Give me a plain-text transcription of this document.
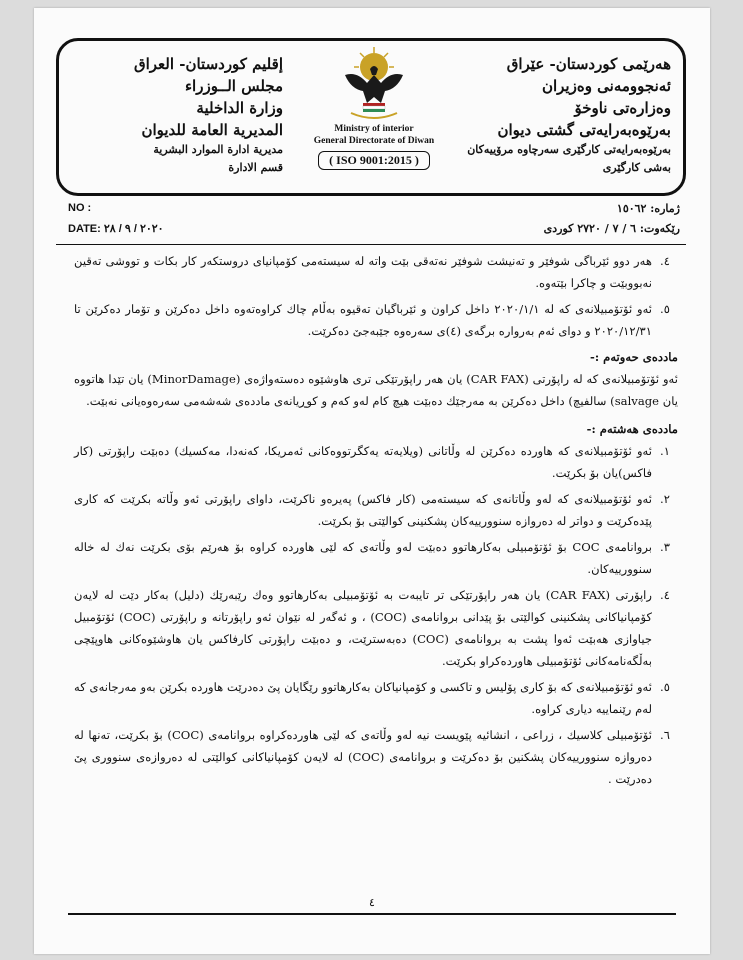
هەرێمی کوردستان- عێراق
ئەنجوومەنی وەزیران
وەزارەتی ناوخۆ
بەرێوەبەرایەتی گشتی دیوان
بەرێوەبەرایەتی کارگێری سەرچاوە مرۆییەکان
بەشی کارگێری
Ministry of interior
General Directorate of Diwan
( ISO 9001:2015 )
إقليم كوردستان- العراق
مجلس الــوزراء
وزارة الداخلية
المديرية العامة للديوان
مديرية ادارة الموارد البشرية
قسم الادارة
NO :
DATE: ٢٠٢٠ / ٩ / ٢٨
ژمارە: ١٥٠٦٢
رێکەوت: ٦ / ٧ / ٢٧٢٠ كوردی
٤.
هەر دوو ئێرباگی شوفێر و تەنیشت شوفێر نەتەقی بێت واتە لە سیستەمی کۆمپانیای دروستکەر کار بکات و تووشی تەقین نەبووبێت و چاکرا بێتەوە.
٥.
ئەو ئۆتۆمبیلانەی کە لە ٢٠٢٠/١/١ داخل کراون و ئێرباگیان تەقیوە بەڵام چاك کراوەتەوە داخل دەکرێن و تۆمار دەکرێن تا ٢٠٢٠/١٢/٣١ و دوای ئەم بەروارە برگەی (٤)ی سەرەوە جێبەجێ دەکرێت.
ماددەی حەوتەم :-
ئەو ئۆتۆمبیلانەی کە لە راپۆرتی (CAR FAX) یان هەر راپۆرتێکی تری هاوشێوە دەستەواژەی (MinorDamage) یان تێدا هاتووە یان salvage) سالفیچ) داخل دەکرێن بە مەرجێك دەبێت هیچ کام لەو کەم و کوڕیانەی ماددەی شەشەمی سەرەوەیانی نەبێت.
ماددەی هەشتەم :-
١.
ئەو ئۆتۆمبیلانەی کە هاوردە دەکرێن لە وڵاتانی (ویلایەتە یەکگرتووەکانی ئەمریکا، کەنەدا، مەکسیك) دەبێت راپۆرتی (کار فاکس)یان بۆ بکرێت.
٢.
ئەو ئۆتۆمبیلانەی کە لەو وڵاتانەی کە سیستەمی (کار فاکس) پەیرەو ناکرێت، داوای راپۆرتی ئەو وڵاتە بکرێت کە کاری پێدەکرێت و دواتر لە دەروازە سنوورییەکان پشکنینی کوالێتی بۆ بکرێت.
٣.
بروانامەی COC بۆ ئۆتۆمبیلی بەکارهاتوو دەبێت لەو وڵاتەی کە لێی هاوردە کراوە بۆ هەرێم بۆی بکرێت نەك لە خالە سنوورییەکان.
٤.
راپۆرتی (CAR FAX) یان هەر راپۆرتێکی تر تایبەت بە ئۆتۆمبیلی بەکارهاتوو وەك رێبەرێك (دلیل) بەکار دێت لە لایەن کۆمپانیاکانی پشکنینی کوالێتی بۆ پێدانی بروانامەی (COC) ، و ئەگەر لە نێوان ئەو راپۆرتانە و راپۆرتی (COC) ئۆتۆمبیل جیاوازی هەبێت ئەوا پشت بە بروانامەی (COC) دەبەسترێت، و دەبێت راپۆرتی کارفاکس یان هاوشێوەکانی هاوپێچی بەڵگەنامەکانی ئۆتۆمبیلی هاوردەکراو بکرێت.
٥.
ئەو ئۆتۆمبیلانەی کە بۆ کاری پۆلیس و تاکسی و کۆمپانیاکان بەکارهاتوو رێگایان پێ دەدرێت هاوردە بکرێن بەو مەرجانەی کە لەم رێنماییە دیاری کراوە.
٦.
ئۆتۆمبیلی کلاسیك ، زراعی ، انشائیە پێویست نیە لەو وڵاتەی کە لێی هاوردەکراوە بروانامەی (COC) بۆ بکرێت، تەنها لە دەروازە سنوورییەکان پشکنین بۆ دەکرێت و بروانامەی (COC) لە لایەن کۆمپانیاکانی کوالێتی لە دەروازەی سنووری پێ دەدرێت .
٤
